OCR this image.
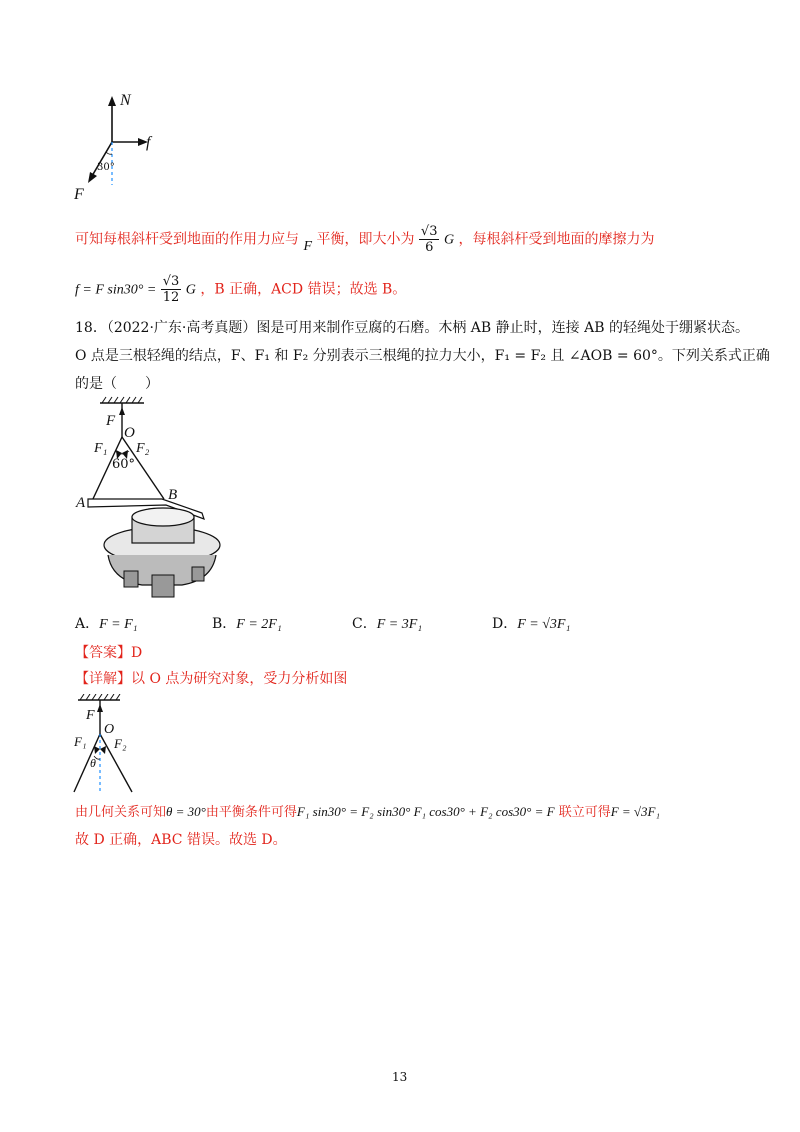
N
f
F
30°
可知每根斜杆受到地面的作用力应与 F 平衡，即大小为 $\frac{√3}{6}$ G ，每根斜杆受到地面的摩擦力为
f = F $\sin 30^\circ = \frac{√3}{12}$ G ，B 正确，ACD 错误；故选 B。
18．（2022·广东·高考真题）图是可用来制作豆腐的石磨。木柄 AB 静止时，连接 AB 的轻绳处于绷紧状态。
O 点是三根轻绳的结点，F、F₁ 和 F₂ 分别表示三根绳的拉力大小，F₁ = F₂ 且 ∠AOB = 60°。下列关系式正确
的是（　　）
F
O
F₁ F₂
60°
A	B
A．F = F₁	B．F = 2F₁	C．F = 3F₁	D．F = √3F₁
【答案】D
【详解】以 O 点为研究对象，受力分析如图
F
O
F₁ F₂
θ
由几何关系可知θ = 30°由平衡条件可得F₁ sin30° = F₂ sin30° F₁ cos30° + F₂ cos30° = F 联立可得F = √3F₁
故 D 正确，ABC 错误。故选 D。
13
